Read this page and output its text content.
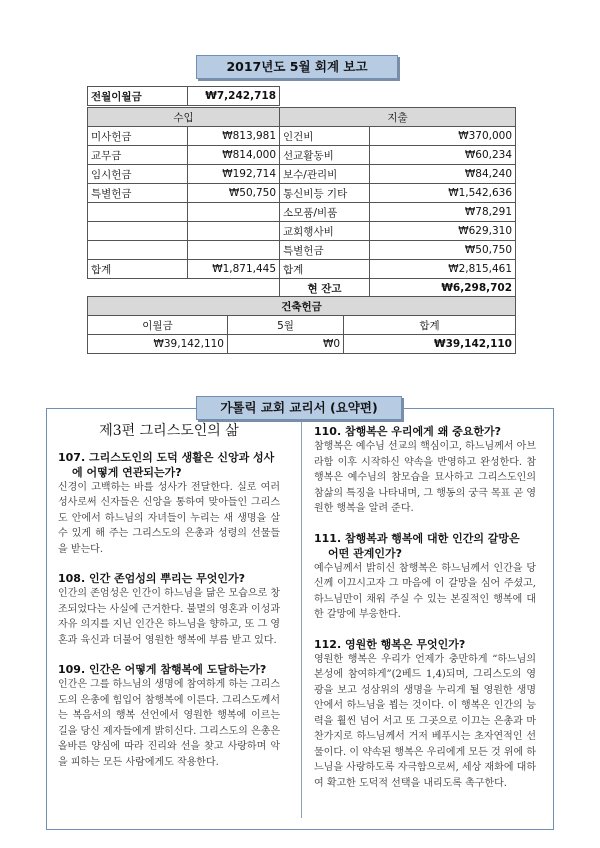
2017년도 5월 회계 보고
전월이월금	₩7,242,718
수입		지출	
미사헌금	₩813,981	인건비	₩370,000
교무금	₩814,000	선교활동비	₩60,234
임시헌금	₩192,714	보수/관리비	₩84,240
특별헌금	₩50,750	통신비등 기타	₩1,542,636
		소모품/비품	₩78,291
		교회행사비	₩629,310
		특별헌금	₩50,750
합계	₩1,871,445	합계	₩2,815,461
		현 잔고	₩6,298,702
건축헌금		
이월금	5월	합계
₩39,142,110	₩0	₩39,142,110
가톨릭 교회 교리서 (요약편)
제3편 그리스도인의 삶
107. 그리스도인의 도덕 생활은 신앙과 성사
에 어떻게 연관되는가?
신경이 고백하는 바를 성사가 전달한다. 실로 여러 성사로써 신자들은 신앙을 통하여 맞아들인 그리스도 안에서 하느님의 자녀들이 누리는 새 생명을 살 수 있게 해 주는 그리스도의 은총과 성령의 선물들을 받는다.
108. 인간 존엄성의 뿌리는 무엇인가?
인간의 존엄성은 인간이 하느님을 닮은 모습으로 창조되었다는 사실에 근거한다. 불멸의 영혼과 이성과 자유 의지를 지닌 인간은 하느님을 향하고, 또 그 영혼과 육신과 더불어 영원한 행복에 부름 받고 있다.
109. 인간은 어떻게 참행복에 도달하는가?
인간은 그를 하느님의 생명에 참여하게 하는 그리스도의 은총에 힘입어 참행복에 이른다. 그리스도께서는 복음서의 행복 선언에서 영원한 행복에 이르는 길을 당신 제자들에게 밝히신다. 그리스도의 은총은 올바른 양심에 따라 진리와 선을 찾고 사랑하며 악을 피하는 모든 사람에게도 작용한다.
110. 참행복은 우리에게 왜 중요한가?
참행복은 예수님 선교의 핵심이고, 하느님께서 아브라함 이후 시작하신 약속을 반영하고 완성한다. 참행복은 예수님의 참모습을 묘사하고 그리스도인의 참삶의 특징을 나타내며, 그 행동의 궁극 목표 곧 영원한 행복을 알려 준다.
111. 참행복과 행복에 대한 인간의 갈망은
어떤 관계인가?
예수님께서 밝히신 참행복은 하느님께서 인간을 당신께 이끄시고자 그 마음에 이 갈망을 심어 주셨고, 하느님만이 채워 주실 수 있는 본질적인 행복에 대한 갈망에 부응한다.
112. 영원한 행복은 무엇인가?
영원한 행복은 우리가 언제가 충만하게 “하느님의 본성에 참여하게”(2베드 1,4)되며, 그리스도의 영광을 보고 성삼위의 생명을 누리게 될 영원한 생명 안에서 하느님을 뵙는 것이다. 이 행복은 인간의 능력을 훨씬 넘어 서고 또 그곳으로 이끄는 은총과 마찬가지로 하느님께서 거저 베푸시는 초자연적인 선물이다. 이 약속된 행복은 우리에게 모든 것 위에 하느님을 사랑하도록 자극함으로써, 세상 재화에 대하여 확고한 도덕적 선택을 내리도록 촉구한다.
